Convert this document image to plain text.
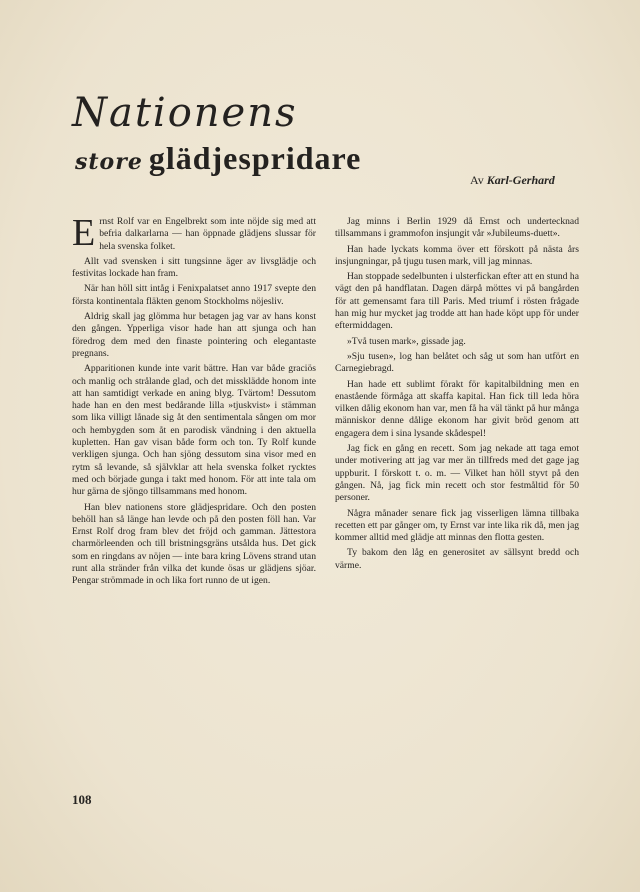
Nationens
store glädjespridare
Av Karl-Gerhard

Ernst Rolf var en Engelbrekt som inte nöjde sig med att befria dalkarlarna — han öppnade glädjens slussar för hela svenska folket.

Allt vad svensken i sitt tungsinne äger av livsglädje och festivitas lockade han fram.

När han höll sitt intåg i Fenixpalatset anno 1917 svepte den första kontinentala fläkten genom Stockholms nöjesliv.

Aldrig skall jag glömma hur betagen jag var av hans konst den gången. Ypperliga visor hade han att sjunga och han föredrog dem med den finaste pointering och elegantaste pregnans.

Apparitionen kunde inte varit bättre. Han var både graciös och manlig och strålande glad, och det missklädde honom inte att han samtidigt verkade en aning blyg. Tvärtom! Dessutom hade han en den mest bedårande lilla »tjuskvist» i stämman som lika villigt lånade sig åt den sentimentala sången om mor och hembygden som åt en parodisk vändning i den aktuella kupletten. Han gav visan både form och ton. Ty Rolf kunde verkligen sjunga. Och han sjöng dessutom sina visor med en rytm så levande, så självklar att hela svenska folket rycktes med och började gunga i takt med honom. För att inte tala om hur gärna de sjöngo tillsammans med honom.

Han blev nationens store glädjespridare. Och den posten behöll han så länge han levde och på den posten föll han. Var Ernst Rolf drog fram blev det fröjd och gamman. Jättestora charmörleenden och till bristningsgräns utsålda hus. Det gick som en ringdans av nöjen — inte bara kring Lövens strand utan runt alla stränder från vilka det kunde ösas ur glädjens sjöar. Pengar strömmade in och lika fort runno de ut igen.

Jag minns i Berlin 1929 då Ernst och undertecknad tillsammans i grammofon insjungit vår »Jubileums-duett».

Han hade lyckats komma över ett förskott på nästa års insjungningar, på tjugu tusen mark, vill jag minnas.

Han stoppade sedelbunten i ulsterfickan efter att en stund ha vägt den på handflatan. Dagen därpå möttes vi på bangården för att gemensamt fara till Paris. Med triumf i rösten frågade han mig hur mycket jag trodde att han hade köpt upp för under eftermiddagen.

»Två tusen mark», gissade jag.

»Sju tusen», log han belåtet och såg ut som han utfört en Carnegiebragd.

Han hade ett sublimt förakt för kapitalbildning men en enastående förmåga att skaffa kapital. Han fick till leda höra vilken dålig ekonom han var, men få ha väl tänkt på hur många människor denne dålige ekonom har givit bröd genom att engagera dem i sina lysande skådespel!

Jag fick en gång en recett. Som jag nekade att taga emot under motivering att jag var mer än tillfreds med det gage jag uppburit. I förskott t. o. m. — Vilket han höll styvt på den gången. Nå, jag fick min recett och stor festmåltid för 50 personer.

Några månader senare fick jag visserligen lämna tillbaka recetten ett par gånger om, ty Ernst var inte lika rik då, men jag kommer alltid med glädje att minnas den flotta gesten.

Ty bakom den låg en generositet av sällsynt bredd och värme.

108
